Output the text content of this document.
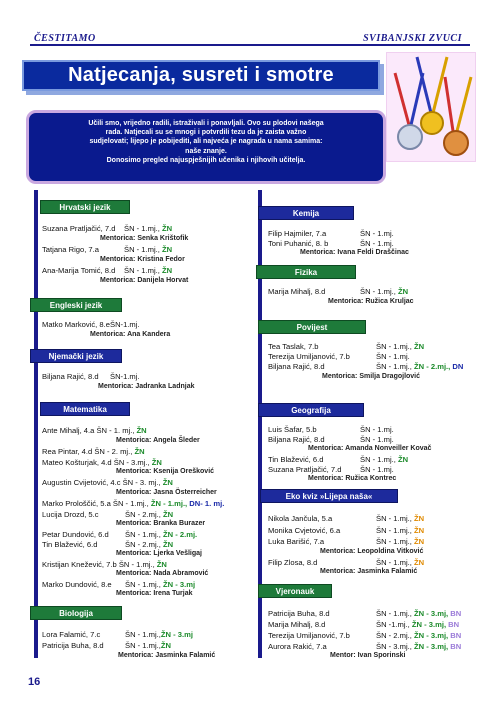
ČESTITAMO	SVIBANJSKI ZVUCI
Natjecanja, susreti i smotre
Učili smo, vrijedno radili, istraživali i ponavljali. Ovo su plodovi našega
rada. Natjecali su se mnogi i potvrdili tezu da je zaista važno
sudjelovati; lijepo je pobijediti, ali najveća je nagrada u nama samima:
naše znanje.
Donosimo pregled najuspješnijih učenika i njihovih učitelja.
Hrvatski jezik
Suzana Pratljačić, 7.d ŠN - 1.mj., ŽN
Mentorica: Senka Krištofik
Tatjana Rigo, 7.a	ŠN - 1.mj., ŽN
Mentorica: Kristina Fedor
Ana-Marija Tomić, 8.d ŠN - 1.mj., ŽN
Mentorica: Danijela Horvat
Engleski jezik
Matko Marković, 8.e ŠN-1.mj.
Mentorica: Ana Kandera
Njemački jezik
Biljana Rajić, 8.d ŠN-1.mj.
Mentorica: Jadranka Ladnjak
Matematika
Ante Mihalj, 4.a ŠN - 1. mj., ŽN
Mentorica: Angela Šleder
Rea Pintar, 4.d ŠN - 2. mj., ŽN
Mateo Košturjak, 4.d ŠN - 3.mj., ŽN
Mentorica: Ksenija Orešković
Augustin Cvijetović, 4.c ŠN - 3. mj., ŽN
Mentorica: Jasna Österreicher
Marko Prološčić, 5.a ŠN - 1.mj., ŽN - 1.mj., DN- 1. mj.
Lucija Drozd, 5.c	ŠN - 2.mj., ŽN
Mentorica: Branka Burazer
Petar Dundović, 6.d ŠN - 1.mj., ŽN - 2.mj.
Tin Blažević, 6.d	ŠN - 2.mj., ŽN
Mentorica: Ljerka Vešligaj
Kristijan Knežević, 7.b ŠN - 1.mj., ŽN
Mentorica: Nada Abramović
Marko Dundović, 8.e ŠN - 1.mj., ŽN - 3.mj
Mentorica: Irena Turjak
Biologija
Lora Falamić, 7.c	ŠN - 1.mj.,ŽN - 3.mj
Patricija Buha, 8.d	ŠN - 1.mj.,ŽN
Mentorica: Jasminka Falamić
Kemija
Filip Hajmiler, 7.a	ŠN - 1.mj.
Toni Puhanić, 8. b	ŠN - 1.mj.
Mentorica: Ivana Feldi Draščinac
Fizika
Marija Mihalj, 8.d	ŠN - 1.mj., ŽN
Mentorica: Ružica Kruljac
Povijest
Tea Taslak, 7.b	ŠN - 1.mj., ŽN
Terezija Umiljanović, 7.b	ŠN - 1.mj.
Biljana Rajić, 8.d	ŠN - 1.mj., ŽN - 2.mj., DN
Mentorica: Smilja Dragojlović
Geografija
Luis Šafar, 5.b	ŠN - 1.mj.
Biljana Rajić, 8.d	ŠN - 1.mj.
Mentorica: Amanda Nonveiller Kovač
Tin Blažević, 6.d	ŠN - 1.mj., ŽN
Suzana Pratljačić, 7.d ŠN - 1.mj.
Mentorica: Ružica Kontrec
Eko kviz »Lijepa naša«
Nikola Jančula, 5.a	ŠN - 1.mj., ŽN
Monika Cvjetović, 6.a	ŠN - 1.mj., ŽN
Luka Barišić, 7.a	ŠN - 1.mj., ŽN
Mentorica: Leopoldina Vitković
Filip Zlosa, 8.d	ŠN - 1.mj., ŽN
Mentorica: Jasminka Falamić
Vjeronauk
Patricija Buha, 8.d	ŠN - 1.mj., ŽN - 3.mj, BN
Marija Mihalj, 8.d	ŠN -1.mj., ŽN - 3.mj, BN
Terezija Umiljanović, 7.b	ŠN - 2.mj., ŽN - 3.mj, BN
Aurora Rakić, 7.a	ŠN - 3.mj., ŽN - 3.mj, BN
Mentor: Ivan Sporinski
16
